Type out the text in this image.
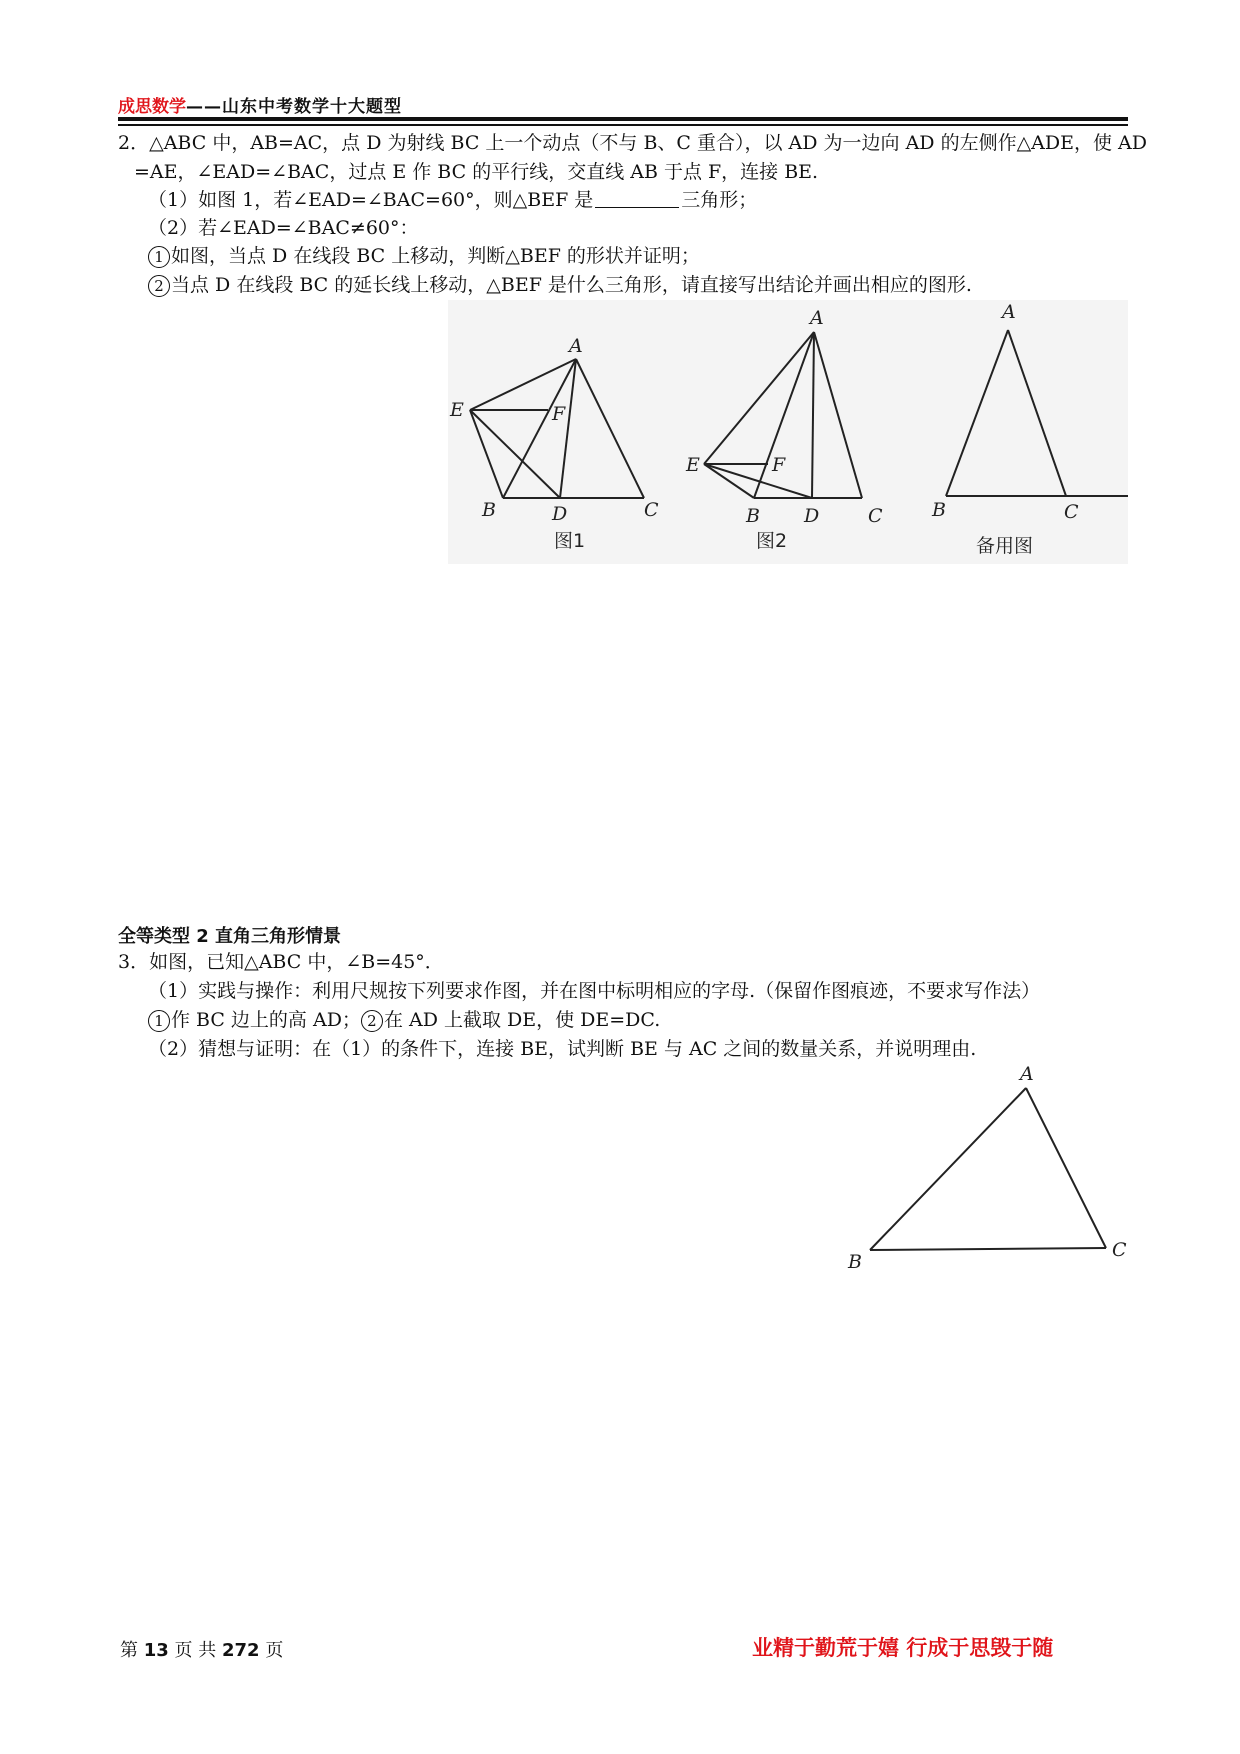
成思数学——山东中考数学十大题型
2．△ABC 中，AB=AC，点 D 为射线 BC 上一个动点（不与 B、C 重合），以 AD 为一边向 AD 的左侧作△ADE，使 AD
=AE，∠EAD=∠BAC，过点 E 作 BC 的平行线，交直线 AB 于点 F，连接 BE.
（1）如图 1，若∠EAD=∠BAC=60°，则△BEF 是	三角形；
（2）若∠EAD=∠BAC≠60°：
1 如图，当点 D 在线段 BC 上移动，判断△BEF 的形状并证明；
2 当点 D 在线段 BC 的延长线上移动，△BEF 是什么三角形，请直接写出结论并画出相应的图形.
A
E	F
B	D	C
图1
A
E	F
B D	C
图2
A
B	C
备用图
全等类型 2 直角三角形情景
3．如图，已知△ABC 中，∠B=45°．
（1）实践与操作：利用尺规按下列要求作图，并在图中标明相应的字母.（保留作图痕迹，不要求写作法）
1 作 BC 边上的高 AD； 2 在 AD 上截取 DE，使 DE=DC.
（2）猜想与证明：在（1）的条件下，连接 BE，试判断 BE 与 AC 之间的数量关系，并说明理由.
A
B
C
第 13 页 共 272 页	业精于勤荒于嬉 行成于思毁于随
